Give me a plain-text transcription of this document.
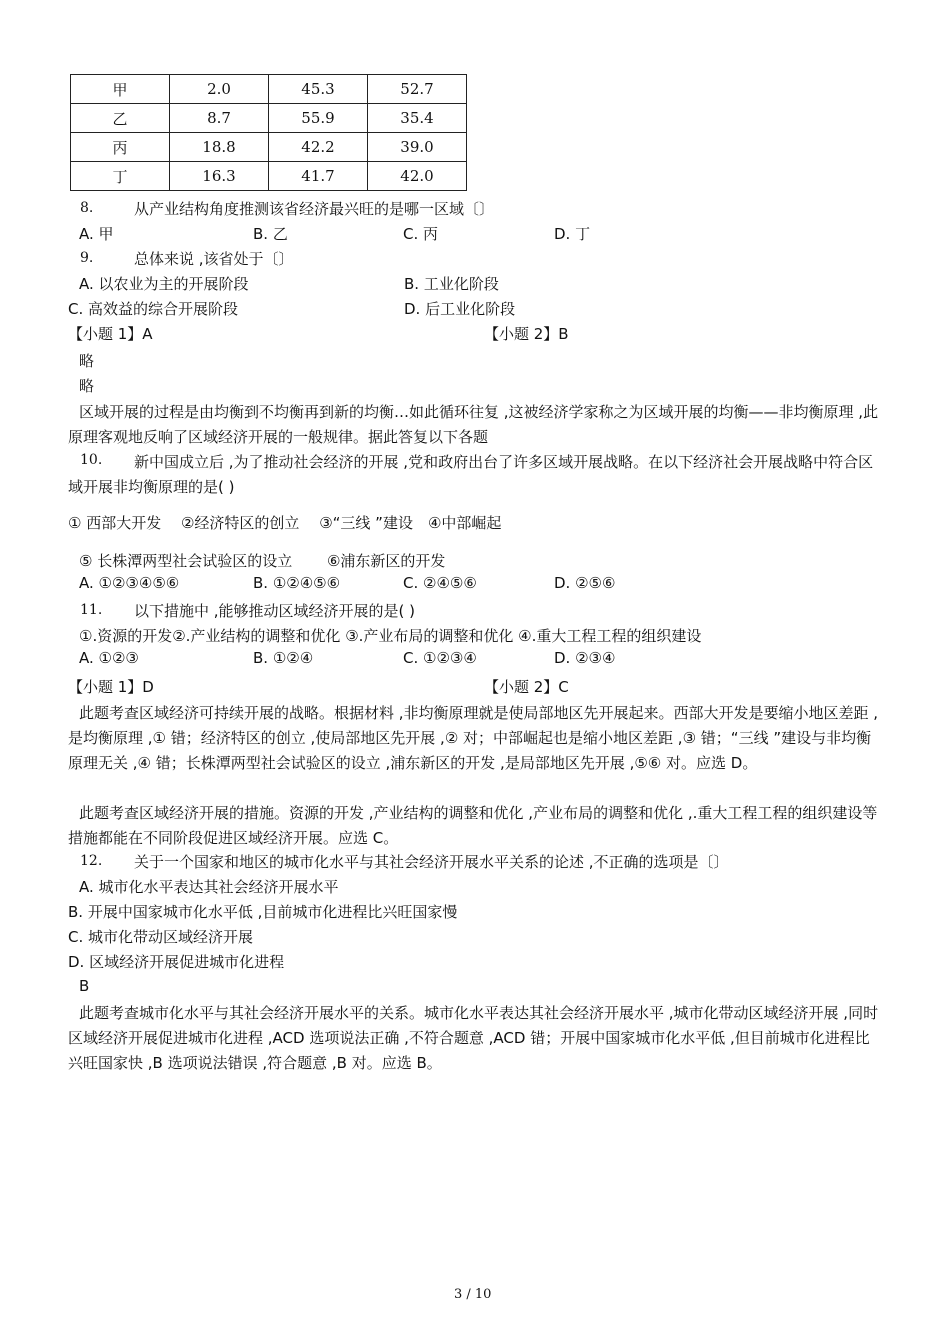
甲	2.0	45.3	52.7
乙	8.7	55.9	35.4
丙	18.8	42.2	39.0
丁	16.3	41.7	42.0
8.	从产业结构角度推测该省经济最兴旺的是哪一区域〔〕
A. 甲	B. 乙	C. 丙	D. 丁
9.	总体来说 ,该省处于〔〕
A. 以农业为主的开展阶段	B. 工业化阶段
C. 高效益的综合开展阶段	D. 后工业化阶段
【小题 1】A	【小题 2】B
略
略
区域开展的过程是由均衡到不均衡再到新的均衡…如此循环往复 ,这被经济学家称之为区域开展的均衡——非均衡原理 ,此原理客观地反响了区域经济开展的一般规律。据此答复以下各题
10.	新中国成立后 ,为了推动社会经济的开展 ,党和政府出台了许多区域开展战略。在以下经济社会开展战略中符合区域开展非均衡原理的是( )
① 西部大开发　 ②经济特区的创立　 ③“三线 ”建设　④中部崛起
⑤ 长株潭两型社会试验区的设立　　 ⑥浦东新区的开发
A. ①②③④⑤⑥	B. ①②④⑤⑥	C. ②④⑤⑥	D. ②⑤⑥
11. 以下措施中 ,能够推动区域经济开展的是( )
①.资源的开发②.产业结构的调整和优化 ③.产业布局的调整和优化 ④.重大工程工程的组织建设
A. ①②③	B. ①②④	C. ①②③④	D. ②③④
【小题 1】D	【小题 2】C
此题考查区域经济可持续开展的战略。根据材料 ,非均衡原理就是使局部地区先开展起来。西部大开发是要缩小地区差距 ,是均衡原理 ,① 错；经济特区的创立 ,使局部地区先开展 ,② 对；中部崛起也是缩小地区差距 ,③ 错；“三线 ”建设与非均衡原理无关 ,④ 错；长株潭两型社会试验区的设立 ,浦东新区的开发 ,是局部地区先开展 ,⑤⑥ 对。应选 D。
此题考查区域经济开展的措施。资源的开发 ,产业结构的调整和优化 ,产业布局的调整和优化 ,.重大工程工程的组织建设等措施都能在不同阶段促进区域经济开展。应选 C。
12. 关于一个国家和地区的城市化水平与其社会经济开展水平关系的论述 ,不正确的选项是〔〕
A. 城市化水平表达其社会经济开展水平
B. 开展中国家城市化水平低 ,目前城市化进程比兴旺国家慢
C. 城市化带动区域经济开展
D. 区域经济开展促进城市化进程
B
此题考查城市化水平与其社会经济开展水平的关系。城市化水平表达其社会经济开展水平 ,城市化带动区域经济开展 ,同时区域经济开展促进城市化进程 ,ACD 选项说法正确 ,不符合题意 ,ACD 错；开展中国家城市化水平低 ,但目前城市化进程比兴旺国家快 ,B 选项说法错误 ,符合题意 ,B 对。应选 B。
3 / 10
